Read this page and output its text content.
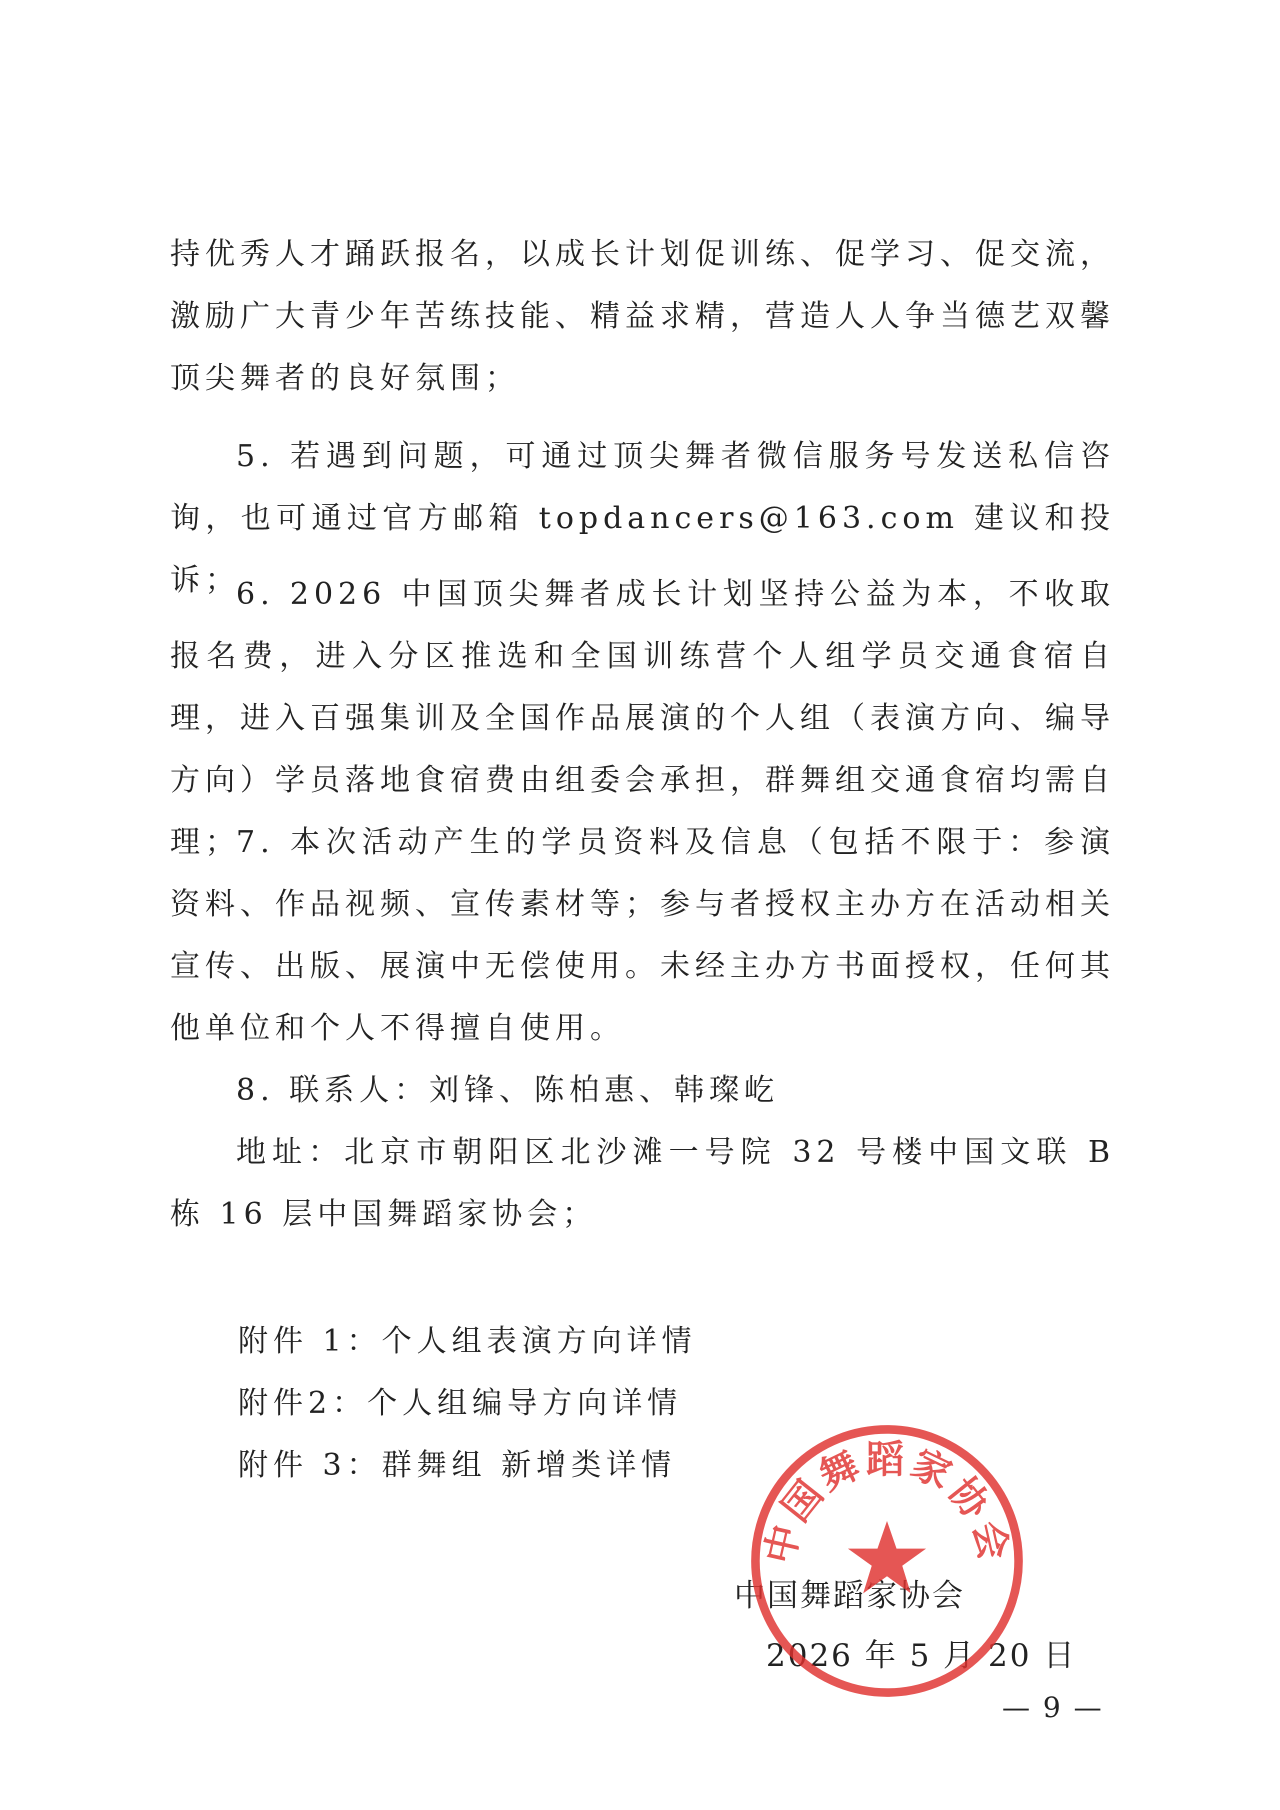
持优秀人才踊跃报名，以成长计划促训练、促学习、促交流，激励广大青少年苦练技能、精益求精，营造人人争当德艺双馨顶尖舞者的良好氛围；

5. 若遇到问题，可通过顶尖舞者微信服务号发送私信咨询，也可通过官方邮箱 topdancers@163.com 建议和投诉；

6. 2026 中国顶尖舞者成长计划坚持公益为本，不收取报名费，进入分区推选和全国训练营个人组学员交通食宿自理，进入百强集训及全国作品展演的个人组（表演方向、编导方向）学员落地食宿费由组委会承担，群舞组交通食宿均需自理；

7. 本次活动产生的学员资料及信息（包括不限于：参演资料、作品视频、宣传素材等；参与者授权主办方在活动相关宣传、出版、展演中无偿使用。未经主办方书面授权，任何其他单位和个人不得擅自使用。

8. 联系人：刘锋、陈柏惠、韩璨屹

地址：北京市朝阳区北沙滩一号院 32 号楼中国文联 B 栋 16 层中国舞蹈家协会；

附件 1：个人组表演方向详情

附件2：个人组编导方向详情

附件 3：群舞组 新增类详情

中国舞蹈家协会
2026 年 5 月 20 日
中国舞蹈家协会
— 9 —
